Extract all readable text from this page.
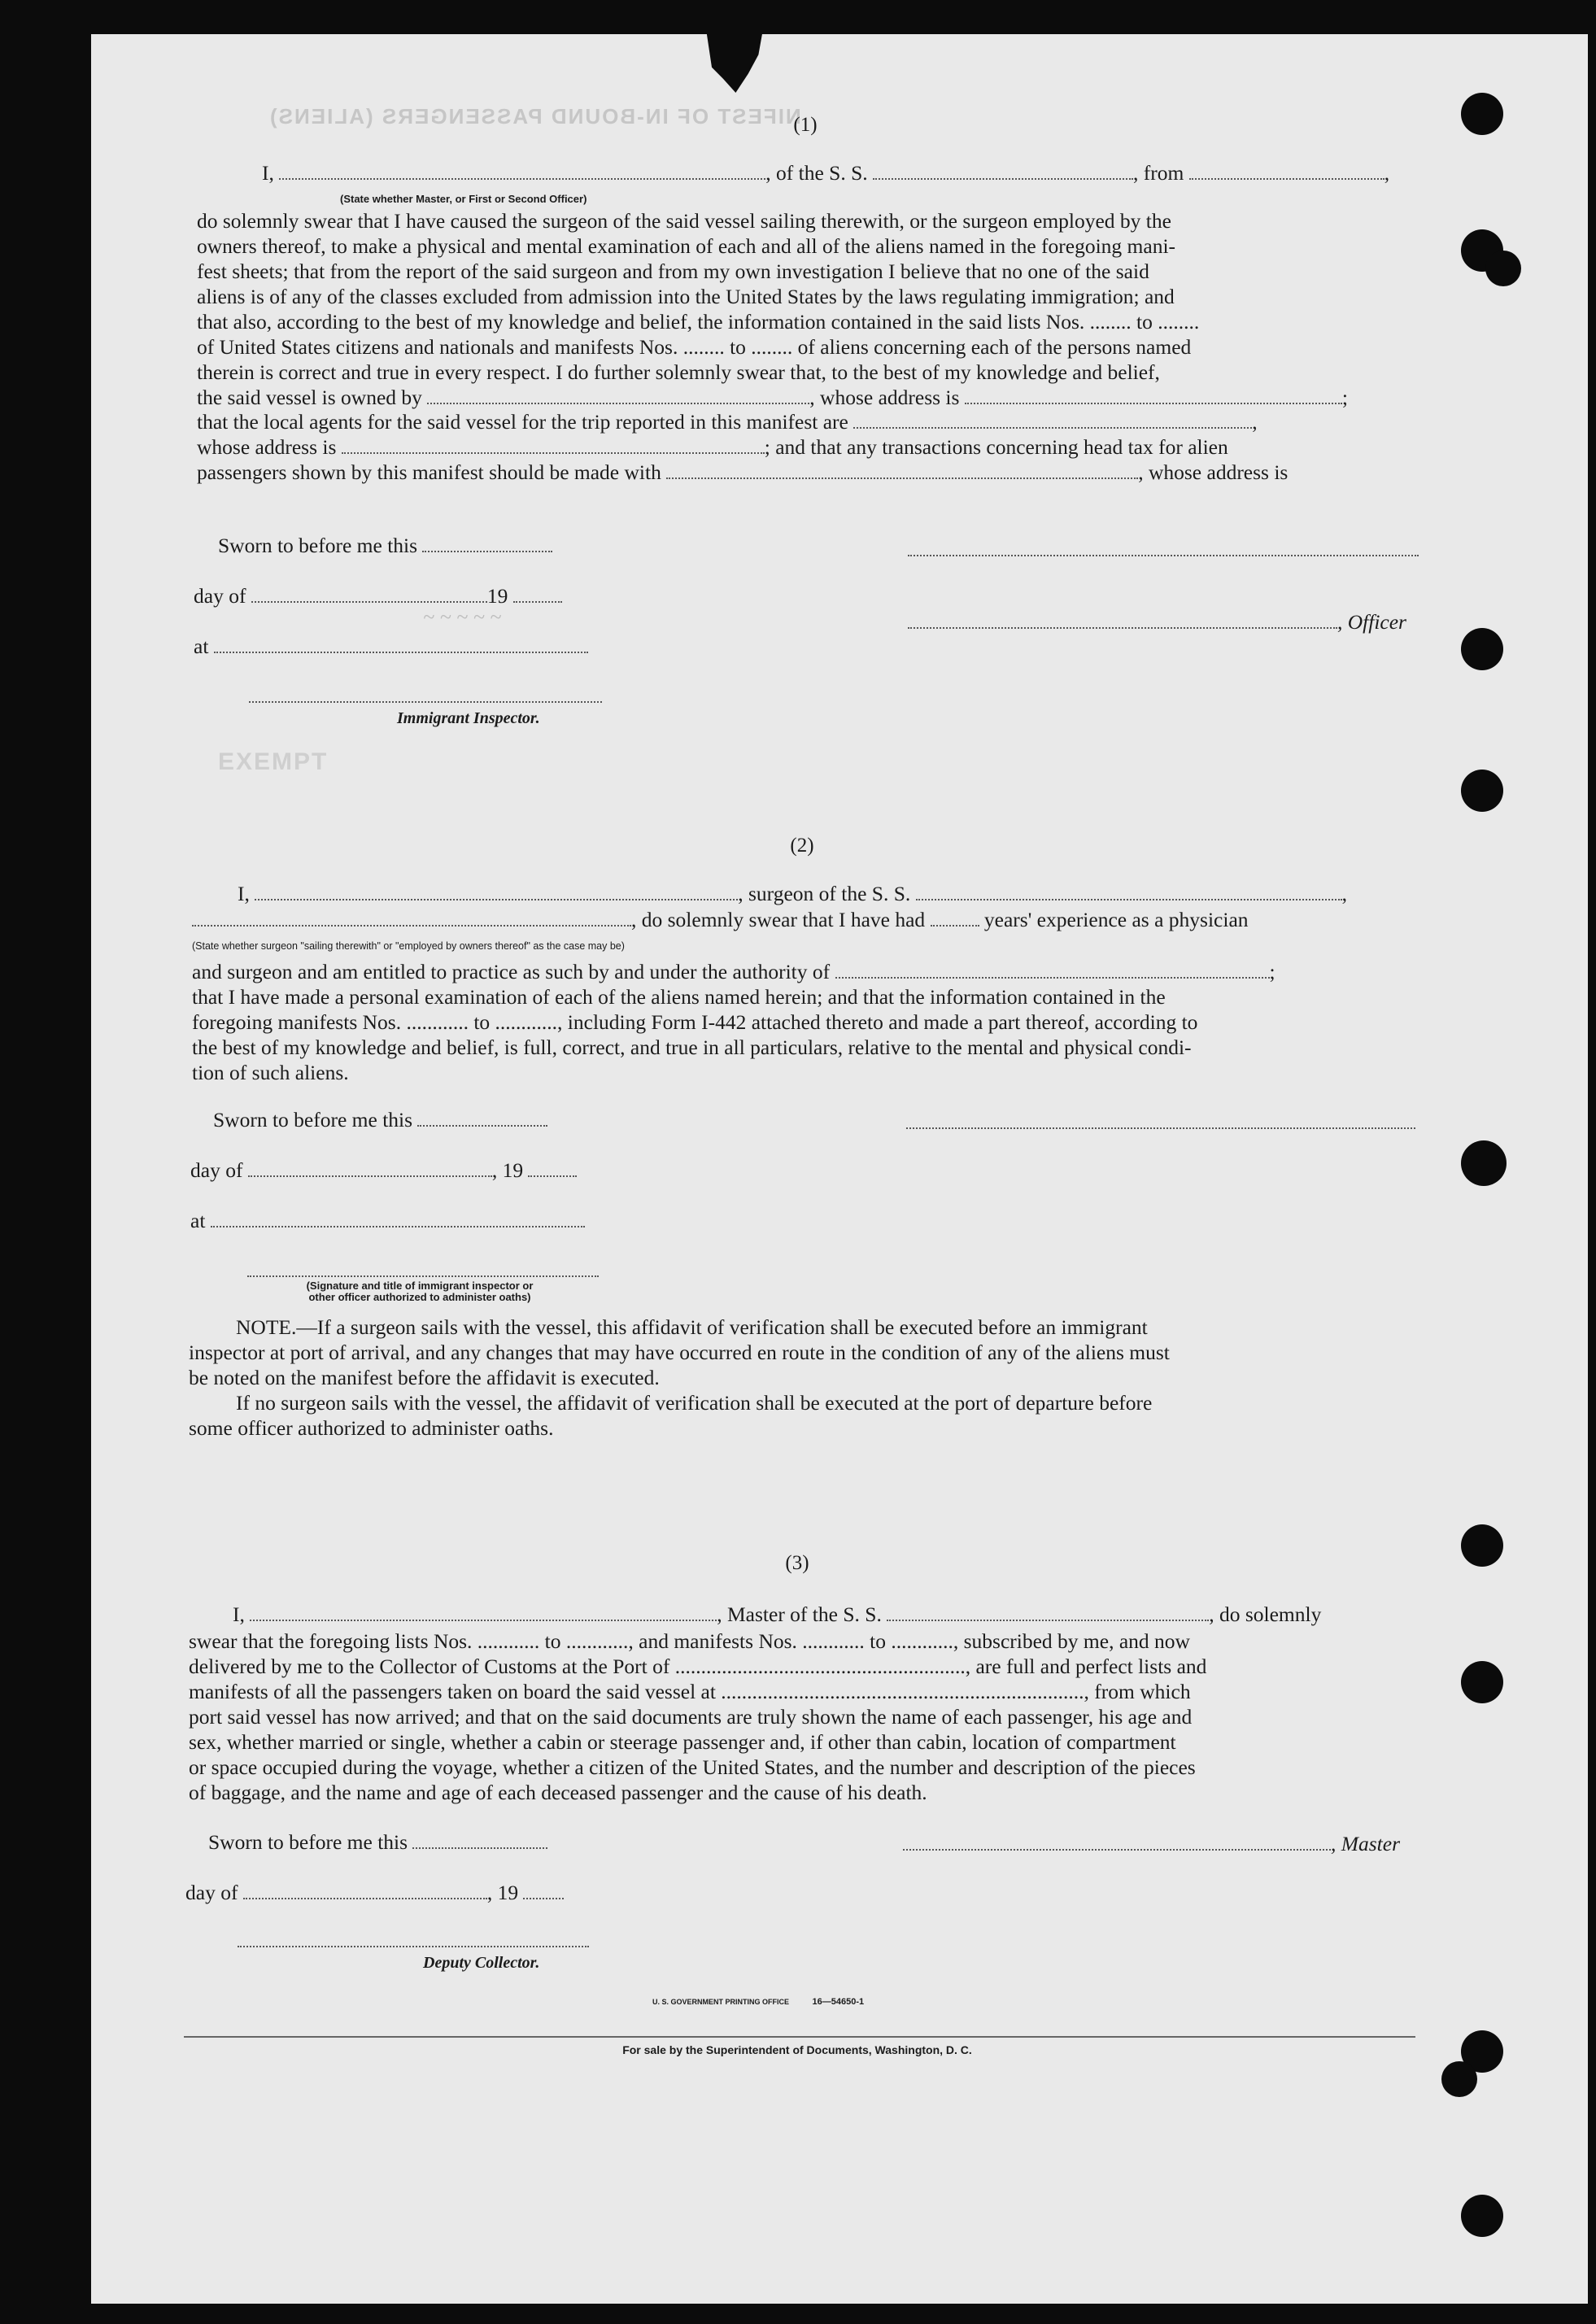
NIFEST OF IN-BOUND PASSENGERS (ALIENS)
(1)
I,	, of the S. S.	, from	,
(State whether Master, or First or Second Officer)

do solemnly swear that I have caused the surgeon of the said vessel sailing therewith, or the surgeon employed by the

owners thereof, to make a physical and mental examination of each and all of the aliens named in the foregoing mani-

fest sheets; that from the report of the said surgeon and from my own investigation I believe that no one of the said

aliens is of any of the classes excluded from admission into the United States by the laws regulating immigration; and

that also, according to the best of my knowledge and belief, the information contained in the said lists Nos. ........ to ........

of United States citizens and nationals and manifests Nos. ........ to ........ of aliens concerning each of the persons named

therein is correct and true in every respect. I do further solemnly swear that, to the best of my knowledge and belief,

the said vessel is owned by	, whose address is	;
that the local agents for the said vessel for the trip reported in this manifest are	,
whose address is	; and that any transactions concerning head tax for alien
passengers shown by this manifest should be made with	, whose address is
Sworn to before me this
day of	19
~ ~ ~ ~ ~	, Officer
at
Immigrant Inspector.
EXEMPT
(2)
I,	, surgeon of the S. S.	,
, do solemnly swear that I have had	years' experience as a physician
(State whether surgeon "sailing therewith" or "employed by owners thereof" as the case may be)
and surgeon and am entitled to practice as such by and under the authority of	;

that I have made a personal examination of each of the aliens named herein; and that the information contained in the

foregoing manifests Nos. ............ to ............, including Form I-442 attached thereto and made a part thereof, according to

the best of my knowledge and belief, is full, correct, and true in all particulars, relative to the mental and physical condi-

tion of such aliens.

Sworn to before me this
day of	, 19
at
(Signature and title of immigrant inspector or
other officer authorized to administer oaths)

NOTE.—If a surgeon sails with the vessel, this affidavit of verification shall be executed before an immigrant

inspector at port of arrival, and any changes that may have occurred en route in the condition of any of the aliens must

be noted on the manifest before the affidavit is executed.

If no surgeon sails with the vessel, the affidavit of verification shall be executed at the port of departure before

some officer authorized to administer oaths.

(3)
I,	, Master of the S. S.	, do solemnly

swear that the foregoing lists Nos. ............ to ............, and manifests Nos. ............ to ............, subscribed by me, and now

delivered by me to the Collector of Customs at the Port of ........................................................, are full and perfect lists and

manifests of all the passengers taken on board the said vessel at ......................................................................, from which

port said vessel has now arrived; and that on the said documents are truly shown the name of each passenger, his age and

sex, whether married or single, whether a cabin or steerage passenger and, if other than cabin, location of compartment

or space occupied during the voyage, whether a citizen of the United States, and the number and description of the pieces

of baggage, and the name and age of each deceased passenger and the cause of his death.

Sworn to before me this	, Master
day of	, 19
Deputy Collector.
U. S. GOVERNMENT PRINTING OFFICE	16—54650-1
For sale by the Superintendent of Documents, Washington, D. C.
